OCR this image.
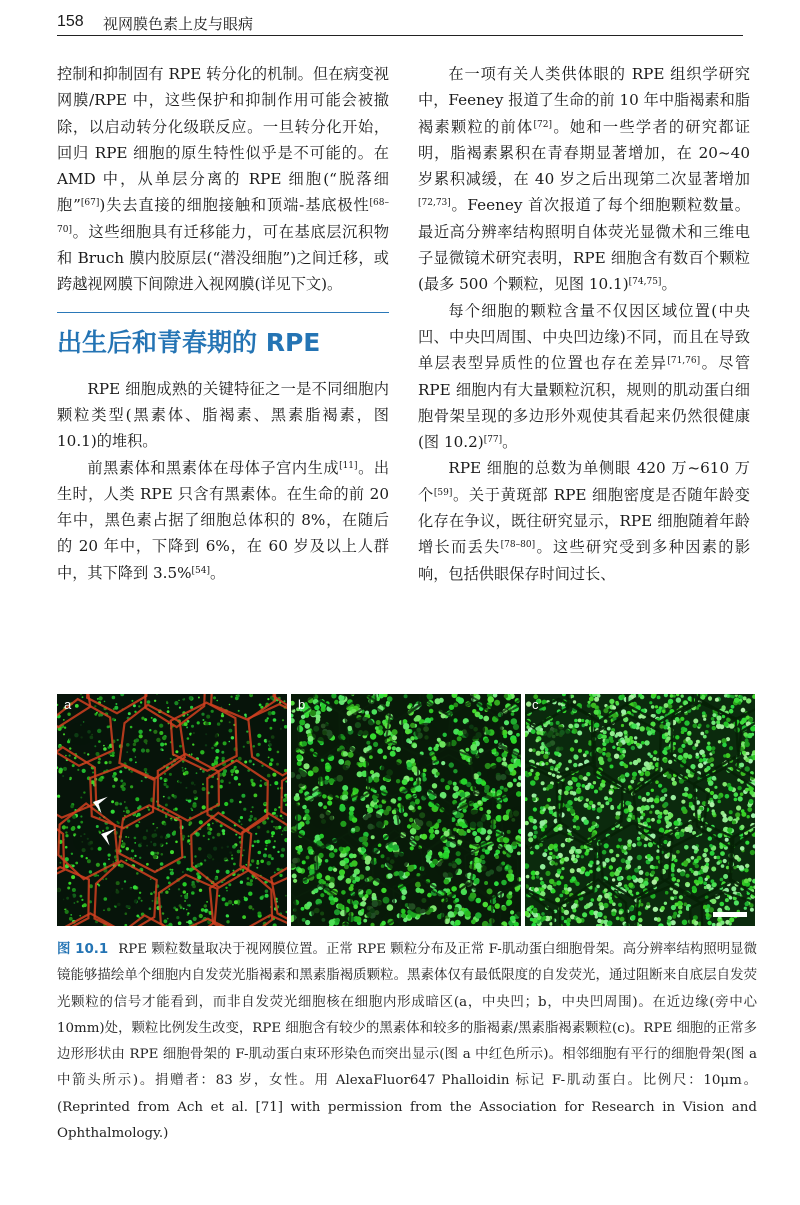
158 视网膜色素上皮与眼病

控制和抑制固有 RPE 转分化的机制。但在病变视网膜/RPE 中，这些保护和抑制作用可能会被撤除，以启动转分化级联反应。一旦转分化开始，回归 RPE 细胞的原生特性似乎是不可能的。在 AMD 中，从单层分离的 RPE 细胞(“脱落细胞”[67])失去直接的细胞接触和顶端-基底极性[68–70]。这些细胞具有迁移能力，可在基底层沉积物和 Bruch 膜内胶原层(“潜没细胞”)之间迁移，或跨越视网膜下间隙进入视网膜(详见下文)。

出生后和青春期的 RPE

RPE 细胞成熟的关键特征之一是不同细胞内颗粒类型(黑素体、脂褐素、黑素脂褐素，图 10.1)的堆积。

前黑素体和黑素体在母体子宫内生成[11]。出生时，人类 RPE 只含有黑素体。在生命的前 20 年中，黑色素占据了细胞总体积的 8%，在随后的 20 年中，下降到 6%，在 60 岁及以上人群中，其下降到 3.5%[54]。

在一项有关人类供体眼的 RPE 组织学研究中，Feeney 报道了生命的前 10 年中脂褐素和脂褐素颗粒的前体[72]。她和一些学者的研究都证明，脂褐素累积在青春期显著增加，在 20~40 岁累积减缓，在 40 岁之后出现第二次显著增加[72,73]。Feeney 首次报道了每个细胞颗粒数量。最近高分辨率结构照明自体荧光显微术和三维电子显微镜术研究表明，RPE 细胞含有数百个颗粒(最多 500 个颗粒，见图 10.1)[74,75]。

每个细胞的颗粒含量不仅因区域位置(中央凹、中央凹周围、中央凹边缘)不同，而且在导致单层表型异质性的位置也存在差异[71,76]。尽管 RPE 细胞内有大量颗粒沉积，规则的肌动蛋白细胞骨架呈现的多边形外观使其看起来仍然很健康(图 10.2)[77]。

RPE 细胞的总数为单侧眼 420 万~610 万个[59]。关于黄斑部 RPE 细胞密度是否随年龄变化存在争议，既往研究显示，RPE 细胞随着年龄增长而丢失[78–80]。这些研究受到多种因素的影响，包括供眼保存时间过长、

a	b	c
图 10.1 RPE 颗粒数量取决于视网膜位置。正常 RPE 颗粒分布及正常 F-肌动蛋白细胞骨架。高分辨率结构照明显微镜能够描绘单个细胞内自发荧光脂褐素和黑素脂褐质颗粒。黑素体仅有最低限度的自发荧光，通过阻断来自底层自发荧光颗粒的信号才能看到，而非自发荧光细胞核在细胞内形成暗区(a，中央凹；b，中央凹周围)。在近边缘(旁中心 10mm)处，颗粒比例发生改变，RPE 细胞含有较少的黑素体和较多的脂褐素/黑素脂褐素颗粒(c)。RPE 细胞的正常多边形形状由 RPE 细胞骨架的 F-肌动蛋白束环形染色而突出显示(图 a 中红色所示)。相邻细胞有平行的细胞骨架(图 a 中箭头所示)。捐赠者：83 岁，女性。用 AlexaFluor647 Phalloidin 标记 F-肌动蛋白。比例尺：10μm。(Reprinted from Ach et al. [71] with permission from the Association for Research in Vision and Ophthalmology.)
